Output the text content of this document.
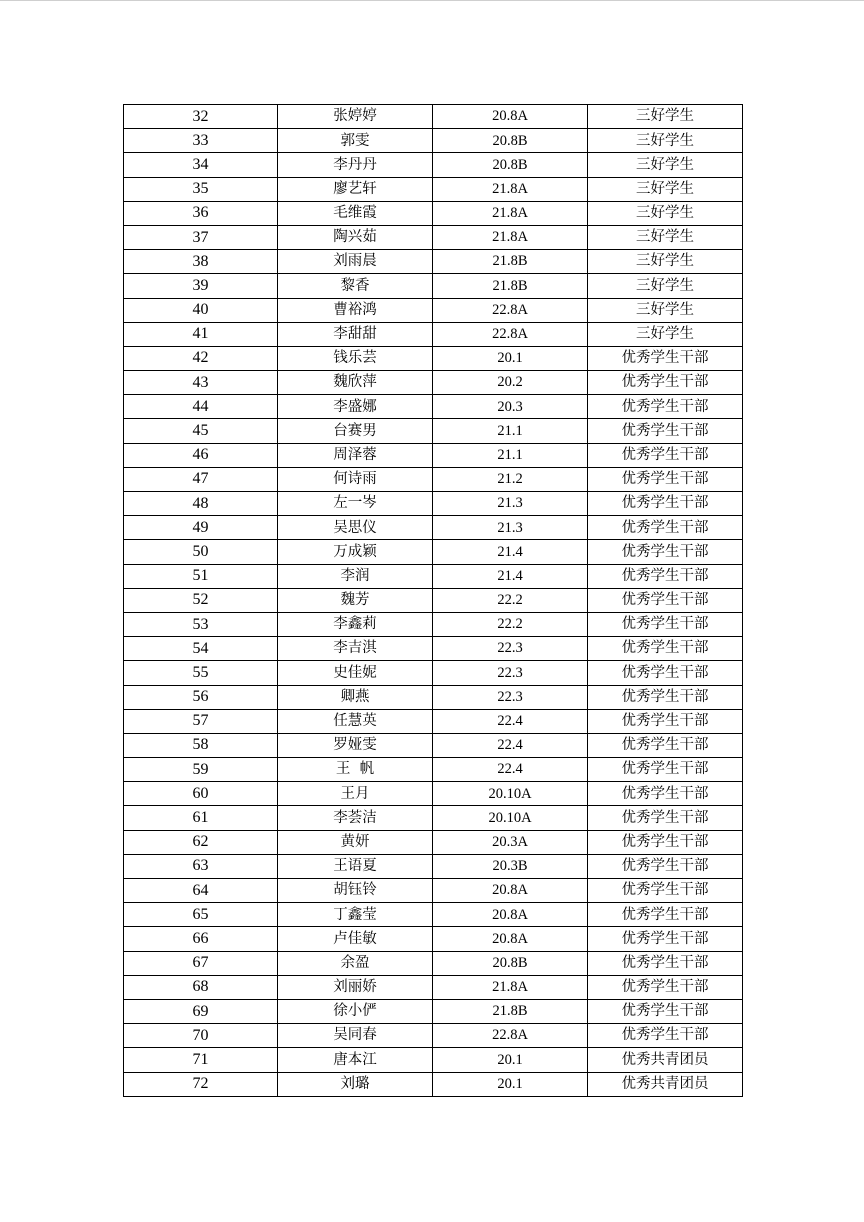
32	张婷婷	20.8A	三好学生
33	郭雯	20.8B	三好学生
34	李丹丹	20.8B	三好学生
35	廖艺轩	21.8A	三好学生
36	毛维霞	21.8A	三好学生
37	陶兴茹	21.8A	三好学生
38	刘雨晨	21.8B	三好学生
39	黎香	21.8B	三好学生
40	曹裕鸿	22.8A	三好学生
41	李甜甜	22.8A	三好学生
42	钱乐芸	20.1	优秀学生干部
43	魏欣萍	20.2	优秀学生干部
44	李盛娜	20.3	优秀学生干部
45	台赛男	21.1	优秀学生干部
46	周泽蓉	21.1	优秀学生干部
47	何诗雨	21.2	优秀学生干部
48	左一岑	21.3	优秀学生干部
49	吴思仪	21.3	优秀学生干部
50	万成颖	21.4	优秀学生干部
51	李润	21.4	优秀学生干部
52	魏芳	22.2	优秀学生干部
53	李鑫莉	22.2	优秀学生干部
54	李吉淇	22.3	优秀学生干部
55	史佳妮	22.3	优秀学生干部
56	卿燕	22.3	优秀学生干部
57	任慧英	22.4	优秀学生干部
58	罗娅雯	22.4	优秀学生干部
59	王  帆	22.4	优秀学生干部
60	王月	20.10A	优秀学生干部
61	李荟洁	20.10A	优秀学生干部
62	黄妍	20.3A	优秀学生干部
63	王语夏	20.3B	优秀学生干部
64	胡钰铃	20.8A	优秀学生干部
65	丁鑫莹	20.8A	优秀学生干部
66	卢佳敏	20.8A	优秀学生干部
67	余盈	20.8B	优秀学生干部
68	刘丽娇	21.8A	优秀学生干部
69	徐小俨	21.8B	优秀学生干部
70	吴同春	22.8A	优秀学生干部
71	唐本江	20.1	优秀共青团员
72	刘璐	20.1	优秀共青团员
